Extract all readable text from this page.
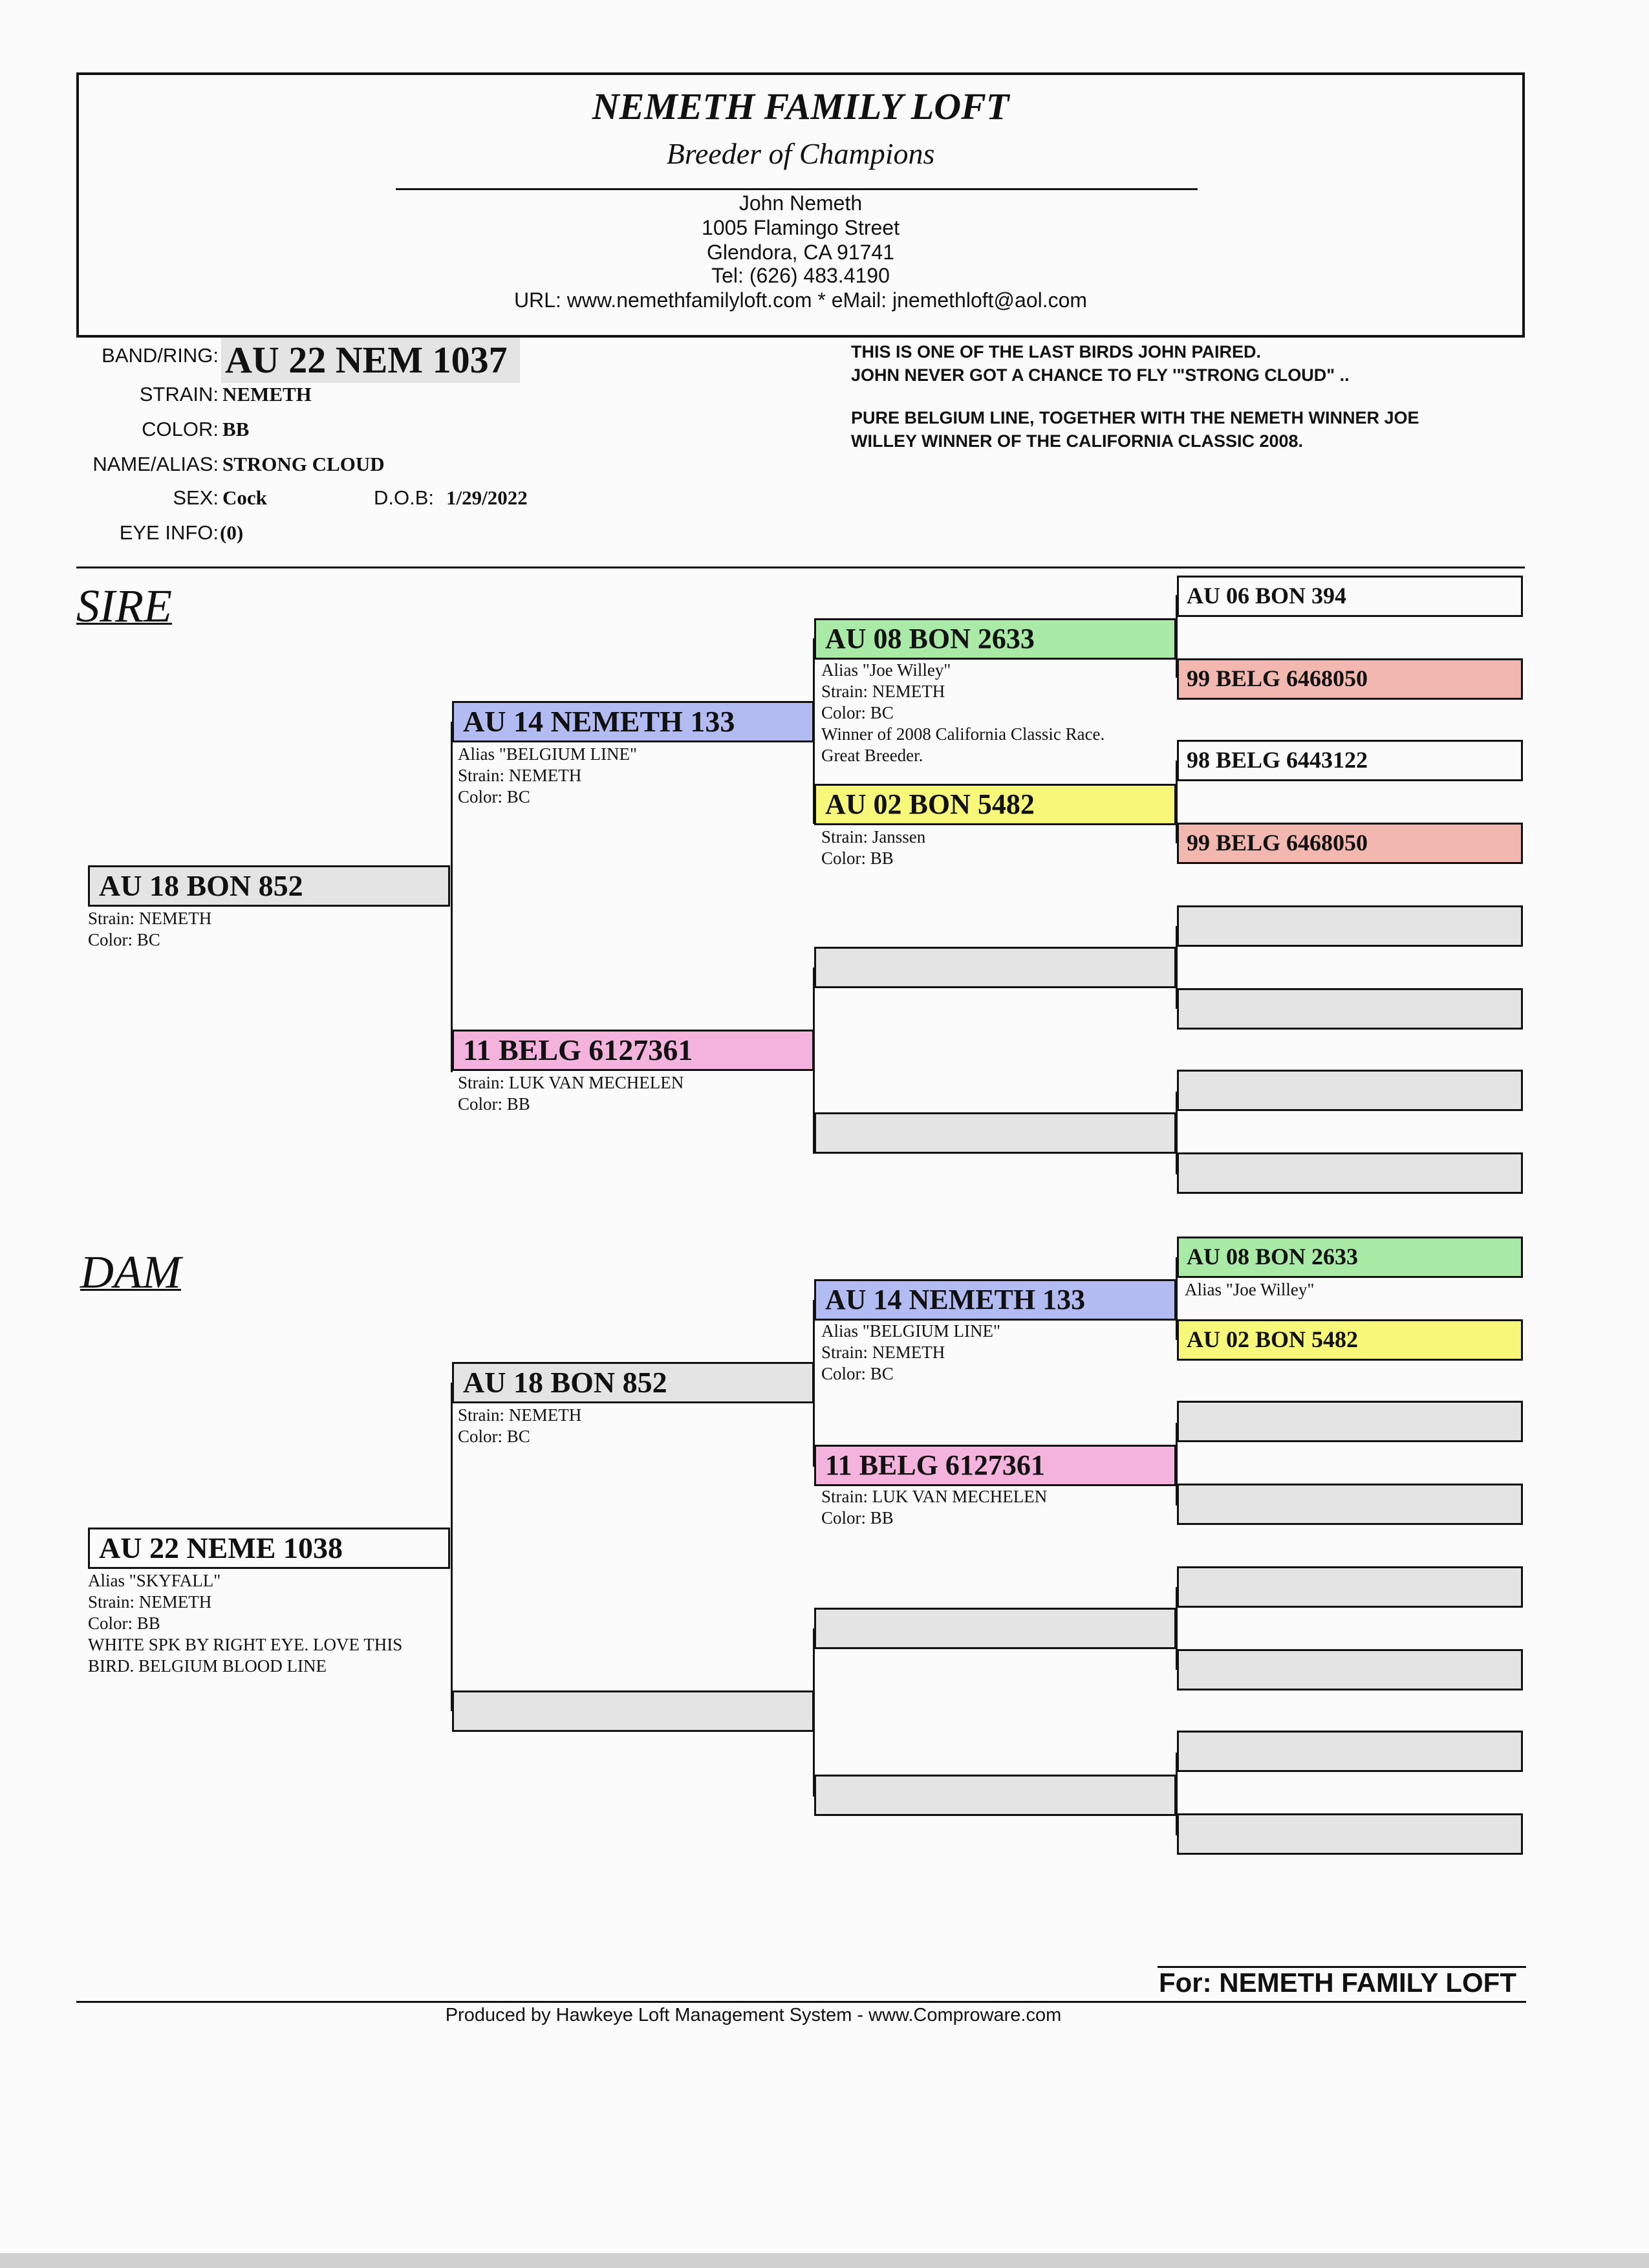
NEMETH FAMILY LOFT
Breeder of Champions
John Nemeth
1005 Flamingo Street
Glendora, CA 91741
Tel: (626) 483.4190
URL: www.nemethfamilyloft.com * eMail: jnemethloft@aol.com
BAND/RING: AU 22 NEM 1037
STRAIN: NEMETH
COLOR: BB
NAME/ALIAS: STRONG CLOUD
SEX: Cock	D.O.B: 1/29/2022
EYE INFO: (0)
THIS IS ONE OF THE LAST BIRDS JOHN PAIRED.
JOHN NEVER GOT A CHANCE TO FLY '"STRONG CLOUD" ..
PURE BELGIUM LINE, TOGETHER WITH THE NEMETH WINNER JOE
WILLEY WINNER OF THE CALIFORNIA CLASSIC 2008.
SIRE
AU 18 BON 852
Strain: NEMETH
Color: BC
AU 14 NEMETH 133
Alias "BELGIUM LINE"
Strain: NEMETH
Color: BC
11 BELG 6127361
Strain: LUK VAN MECHELEN
Color: BB
AU 08 BON 2633
Alias "Joe Willey"
Strain: NEMETH
Color: BC
Winner of 2008 California Classic Race.
Great Breeder.
AU 02 BON 5482
Strain: Janssen
Color: BB
AU 06 BON 394
99 BELG 6468050
98 BELG 6443122
99 BELG 6468050
DAM
AU 22 NEME 1038
Alias "SKYFALL"
Strain: NEMETH
Color: BB
WHITE SPK BY RIGHT EYE. LOVE THIS
BIRD. BELGIUM BLOOD LINE
AU 18 BON 852
Strain: NEMETH
Color: BC
AU 14 NEMETH 133
Alias "BELGIUM LINE"
Strain: NEMETH
Color: BC
11 BELG 6127361
Strain: LUK VAN MECHELEN
Color: BB
AU 08 BON 2633
Alias "Joe Willey"
AU 02 BON 5482
For: NEMETH FAMILY LOFT
Produced by Hawkeye Loft Management System - www.Comproware.com
